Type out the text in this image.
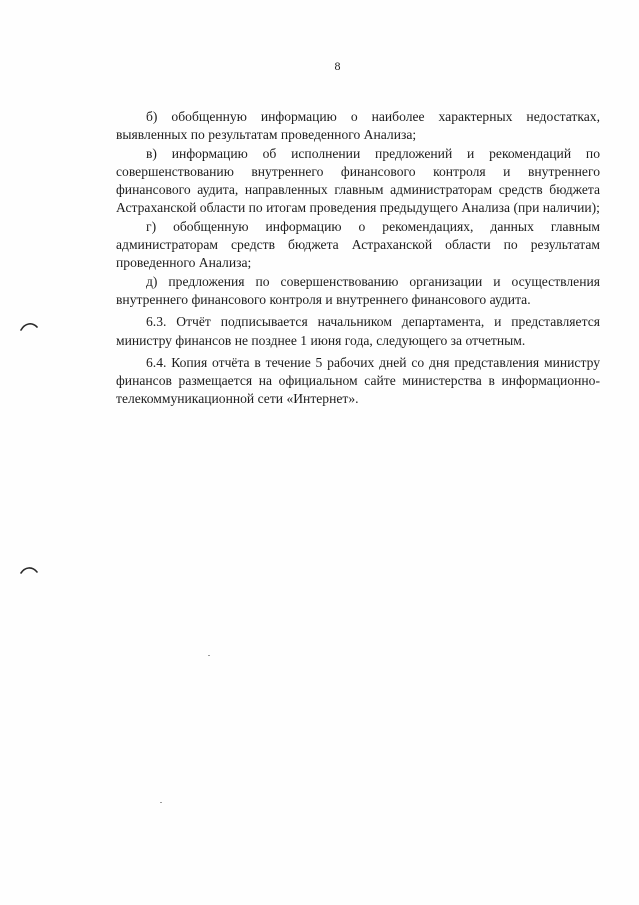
8

б) обобщенную информацию о наиболее характерных недостатках, выявленных по результатам проведенного Анализа;

в) информацию об исполнении предложений и рекомендаций по совершенствованию внутреннего финансового контроля и внутреннего финансового аудита, направленных главным администраторам средств бюджета Астраханской области по итогам проведения предыдущего Анализа (при наличии);

г) обобщенную информацию о рекомендациях, данных главным администраторам средств бюджета Астраханской области по результатам проведенного Анализа;

д) предложения по совершенствованию организации и осуществления внутреннего финансового контроля и внутреннего финансового аудита.

6.3. Отчёт подписывается начальником департамента, и представляется министру финансов не позднее 1 июня года, следующего за отчетным.

6.4. Копия отчёта в течение 5 рабочих дней со дня представления министру финансов размещается на официальном сайте министерства в информационно-телекоммуникационной сети «Интернет».
